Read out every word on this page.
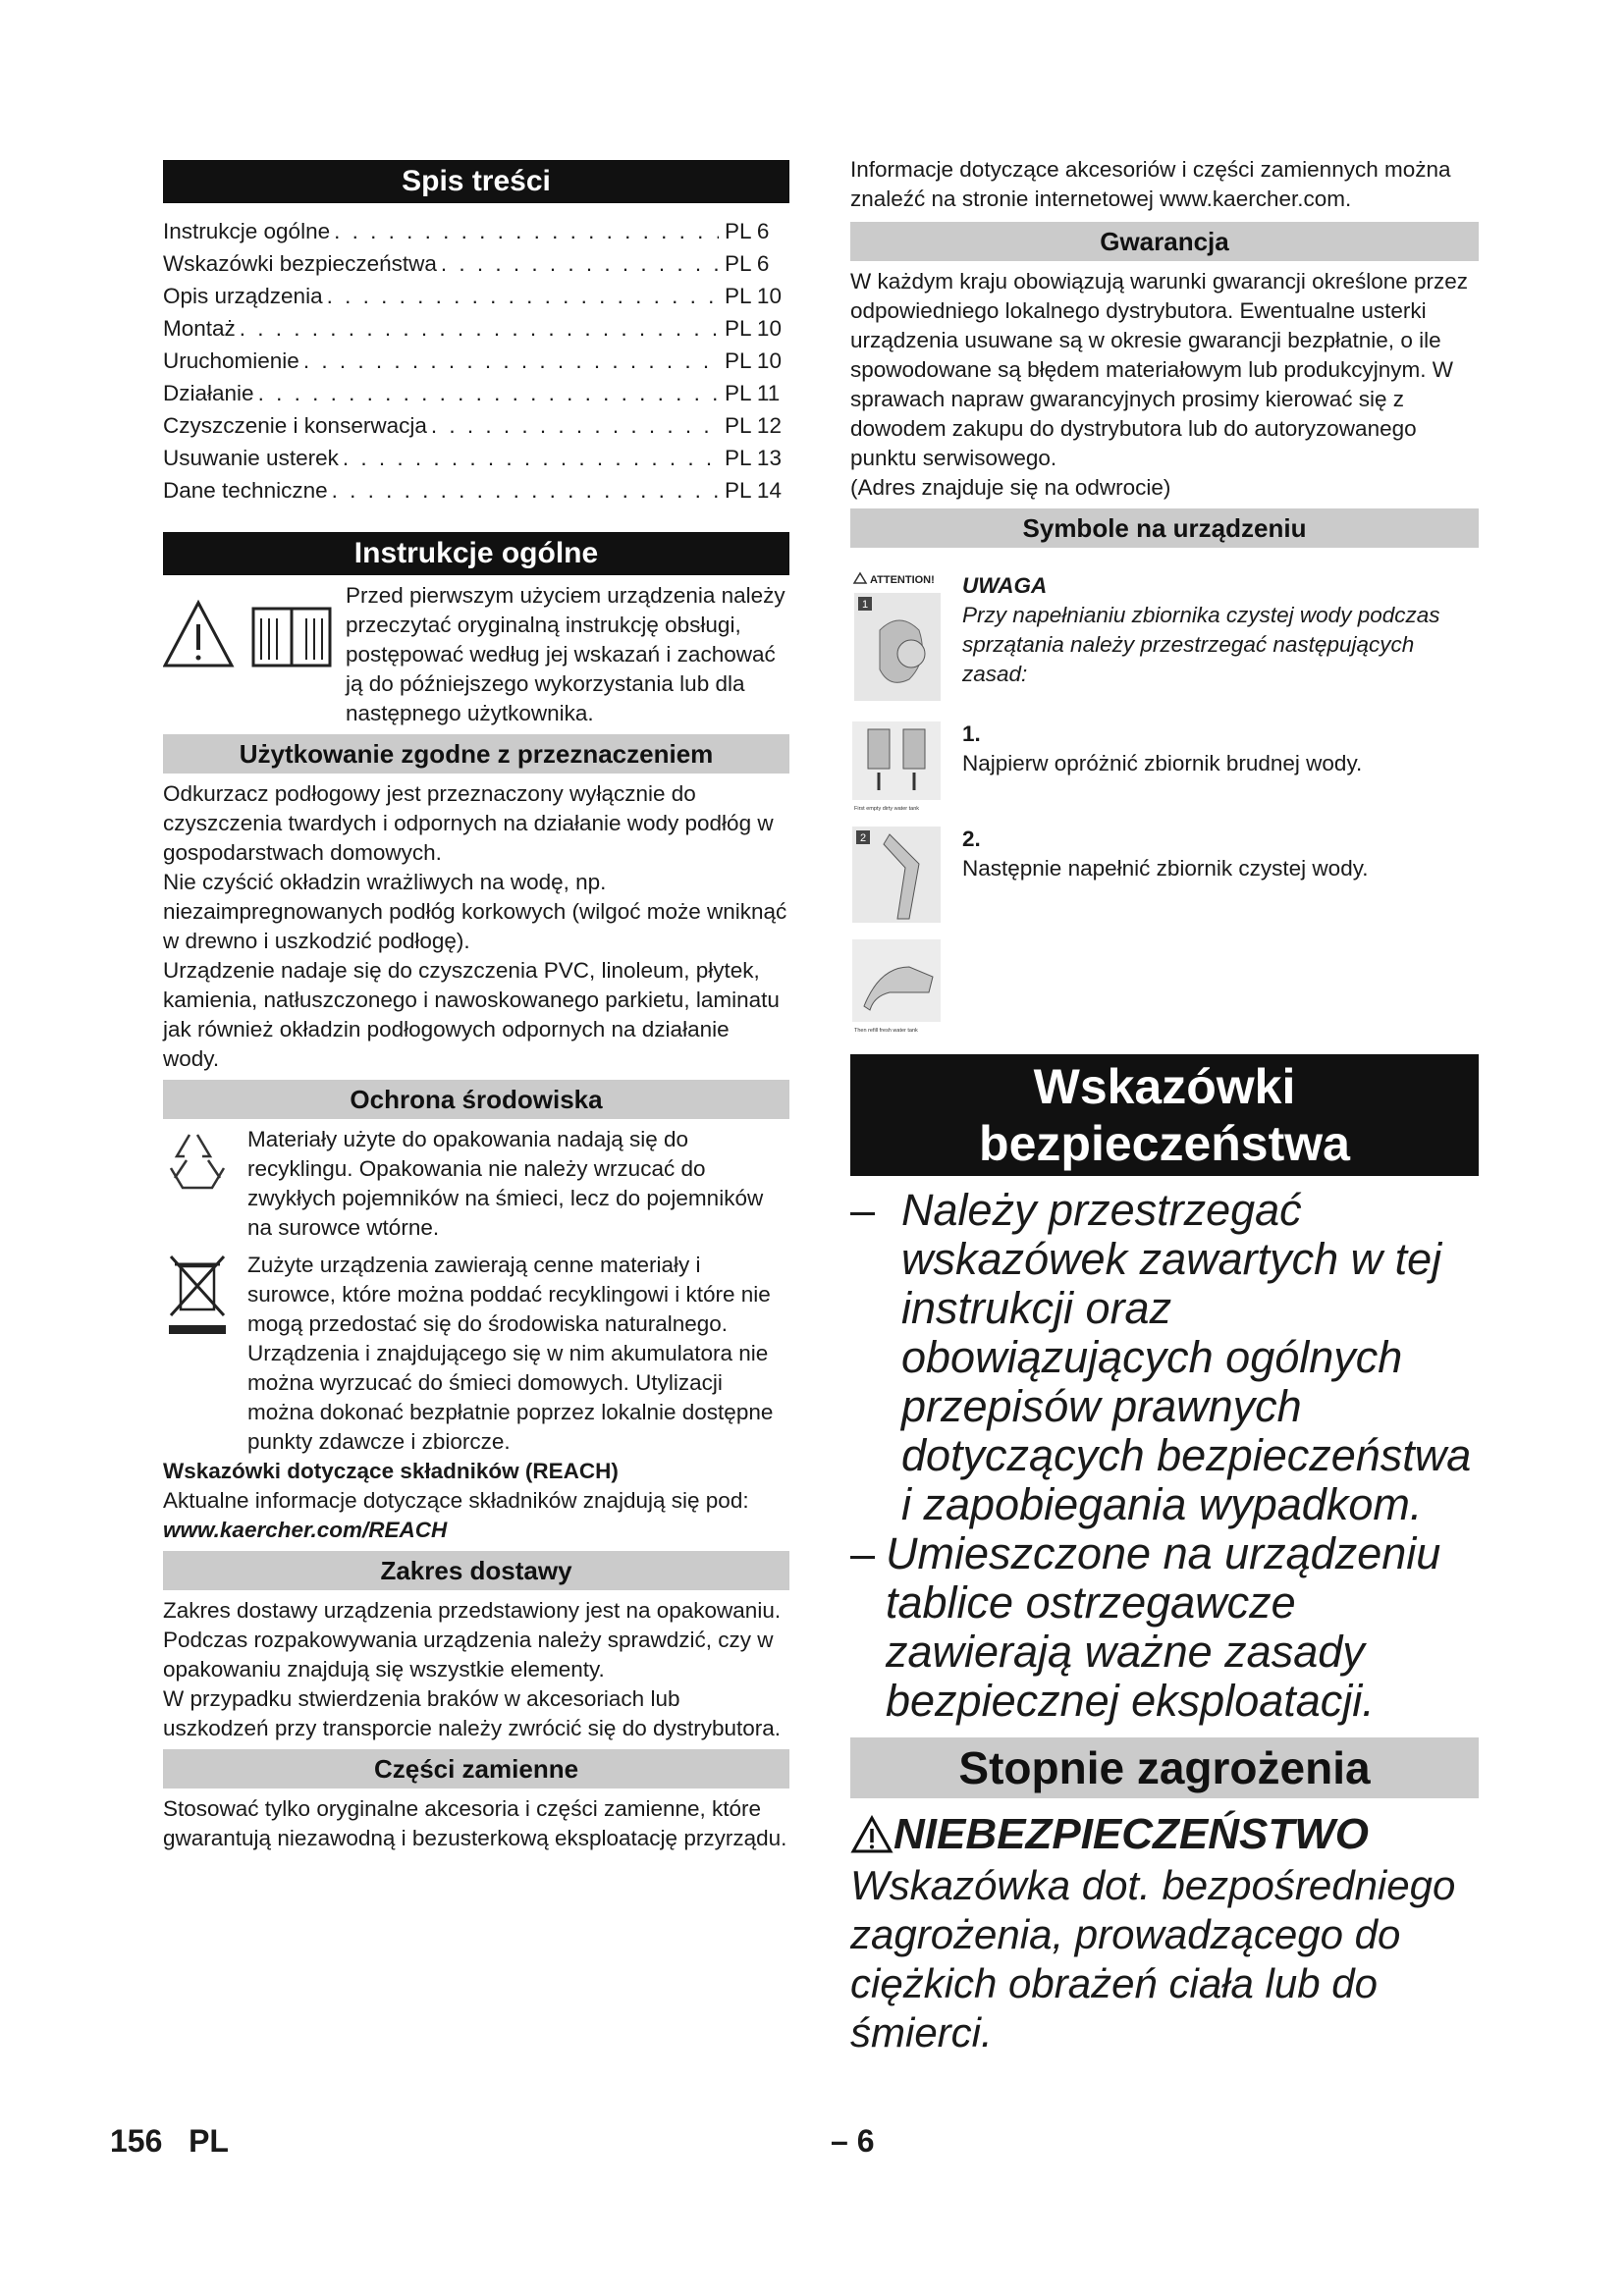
Spis treści
Instrukcje ogólne . . .	PL 6
Wskazówki bezpieczeństwa . . .	PL 6
Opis urządzenia . . .	PL 10
Montaż . . .	PL 10
Uruchomienie . . .	PL 10
Działanie . . .	PL 11
Czyszczenie i konserwacja . . .	PL 12
Usuwanie usterek . . .	PL 13
Dane techniczne . . .	PL 14
Instrukcje ogólne

Przed pierwszym użyciem urządzenia należy przeczytać oryginalną instrukcję obsługi, postępować według jej wskazań i zachować ją do późniejszego wykorzystania lub dla następnego użytkownika.

Użytkowanie zgodne z przeznaczeniem

Odkurzacz podłogowy jest przeznaczony wyłącznie do czyszczenia twardych i odpornych na działanie wody podłóg w gospodarstwach domowych.

Nie czyścić okładzin wrażliwych na wodę, np. niezaimpregnowanych podłóg korkowych (wilgoć może wniknąć w drewno i uszkodzić podłogę).

Urządzenie nadaje się do czyszczenia PVC, linoleum, płytek, kamienia, natłuszczonego i nawoskowanego parkietu, laminatu jak również okładzin podłogowych odpornych na działanie wody.

Ochrona środowiska

Materiały użyte do opakowania nadają się do recyklingu. Opakowania nie należy wrzucać do zwykłych pojemników na śmieci, lecz do pojemników na surowce wtórne.

Zużyte urządzenia zawierają cenne materiały i surowce, które można poddać recyklingowi i które nie mogą przedostać się do środowiska naturalnego. Urządzenia i znajdującego się w nim akumulatora nie można wyrzucać do śmieci domowych. Utylizacji można dokonać bezpłatnie poprzez lokalnie dostępne punkty zdawcze i zbiorcze.

Wskazówki dotyczące składników (REACH)

Aktualne informacje dotyczące składników znajdują się pod:

www.kaercher.com/REACH

Zakres dostawy

Zakres dostawy urządzenia przedstawiony jest na opakowaniu. Podczas rozpakowywania urządzenia należy sprawdzić, czy w opakowaniu znajdują się wszystkie elementy.

W przypadku stwierdzenia braków w akcesoriach lub uszkodzeń przy transporcie należy zwrócić się do dystrybutora.

Części zamienne

Stosować tylko oryginalne akcesoria i części zamienne, które gwarantują niezawodną i bezusterkową eksploatację przyrządu.

Informacje dotyczące akcesoriów i części zamiennych można znaleźć na stronie internetowej www.kaercher.com.

Gwarancja

W każdym kraju obowiązują warunki gwarancji określone przez odpowiedniego lokalnego dystrybutora. Ewentualne usterki urządzenia usuwane są w okresie gwarancji bezpłatnie, o ile spowodowane są błędem materiałowym lub produkcyjnym. W sprawach napraw gwarancyjnych prosimy kierować się z dowodem zakupu do dystrybutora lub do autoryzowanego punktu serwisowego.

(Adres znajduje się na odwrocie)

Symbole na urządzeniu
ATTENTION!
1

UWAGA

Przy napełnianiu zbiornika czystej wody podczas sprzątania należy przestrzegać następujących zasad:

First empty dirty water tank

1.

Najpierw opróżnić zbiornik brudnej wody.

2	2.

Następnie napełnić zbiornik czystej wody.

Then refill fresh water tank
Wskazówki
bezpieczeństwa
– Należy przestrzegać wskazówek zawartych w tej instrukcji oraz obowiązujących ogólnych przepisów prawnych dotyczących bezpieczeństwa i zapobiegania wypadkom.
– Umieszczone na urządzeniu tablice ostrzegawcze zawierają ważne zasady bezpiecznej eksploatacji.
Stopnie zagrożenia
NIEBEZPIECZEŃSTWO

Wskazówka dot. bezpośredniego zagrożenia, prowadzącego do ciężkich obrażeń ciała lub do śmierci.

156 PL	– 6
